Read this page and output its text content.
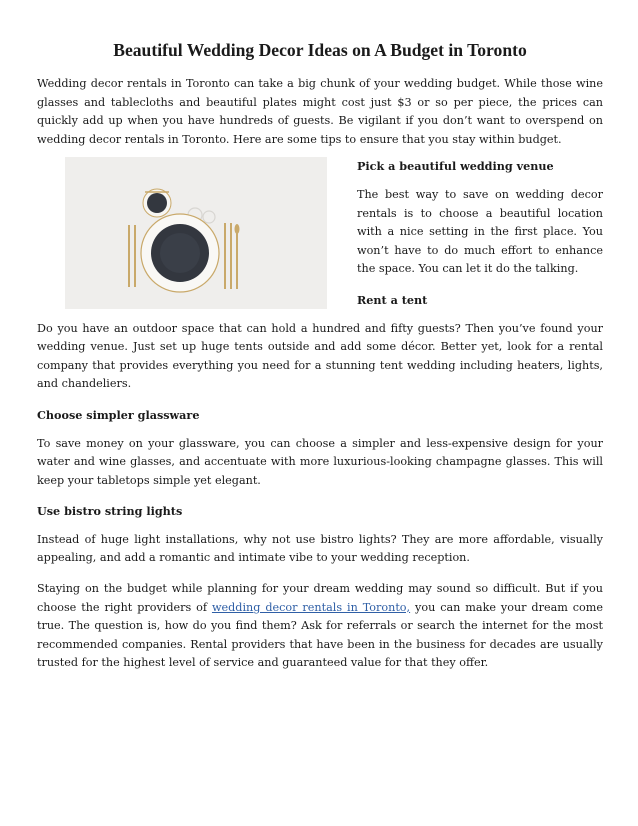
Beautiful Wedding Decor Ideas on A Budget in Toronto

Wedding decor rentals in Toronto can take a big chunk of your wedding budget. While those wine glasses and tablecloths and beautiful plates might cost just $3 or so per piece, the prices can quickly add up when you have hundreds of guests. Be vigilant if you don’t want to overspend on wedding decor rentals in Toronto. Here are some tips to ensure that you stay within budget.

Pick a beautiful wedding venue

The best way to save on wedding decor rentals is to choose a beautiful location with a nice setting in the first place. You won’t have to do much effort to enhance the space. You can let it do the talking.

Rent a tent

Do you have an outdoor space that can hold a hundred and fifty guests? Then you’ve found your wedding venue. Just set up huge tents outside and add some décor. Better yet, look for a rental company that provides everything you need for a stunning tent wedding including heaters, lights, and chandeliers.

Choose simpler glassware

To save money on your glassware, you can choose a simpler and less-expensive design for your water and wine glasses, and accentuate with more luxurious-looking champagne glasses. This will keep your tabletops simple yet elegant.

Use bistro string lights

Instead of huge light installations, why not use bistro lights? They are more affordable, visually appealing, and add a romantic and intimate vibe to your wedding reception.

Staying on the budget while planning for your dream wedding may sound so difficult. But if you choose the right providers of wedding decor rentals in Toronto, you can make your dream come true. The question is, how do you find them? Ask for referrals or search the internet for the most recommended companies. Rental providers that have been in the business for decades are usually trusted for the highest level of service and guaranteed value for that they offer.
